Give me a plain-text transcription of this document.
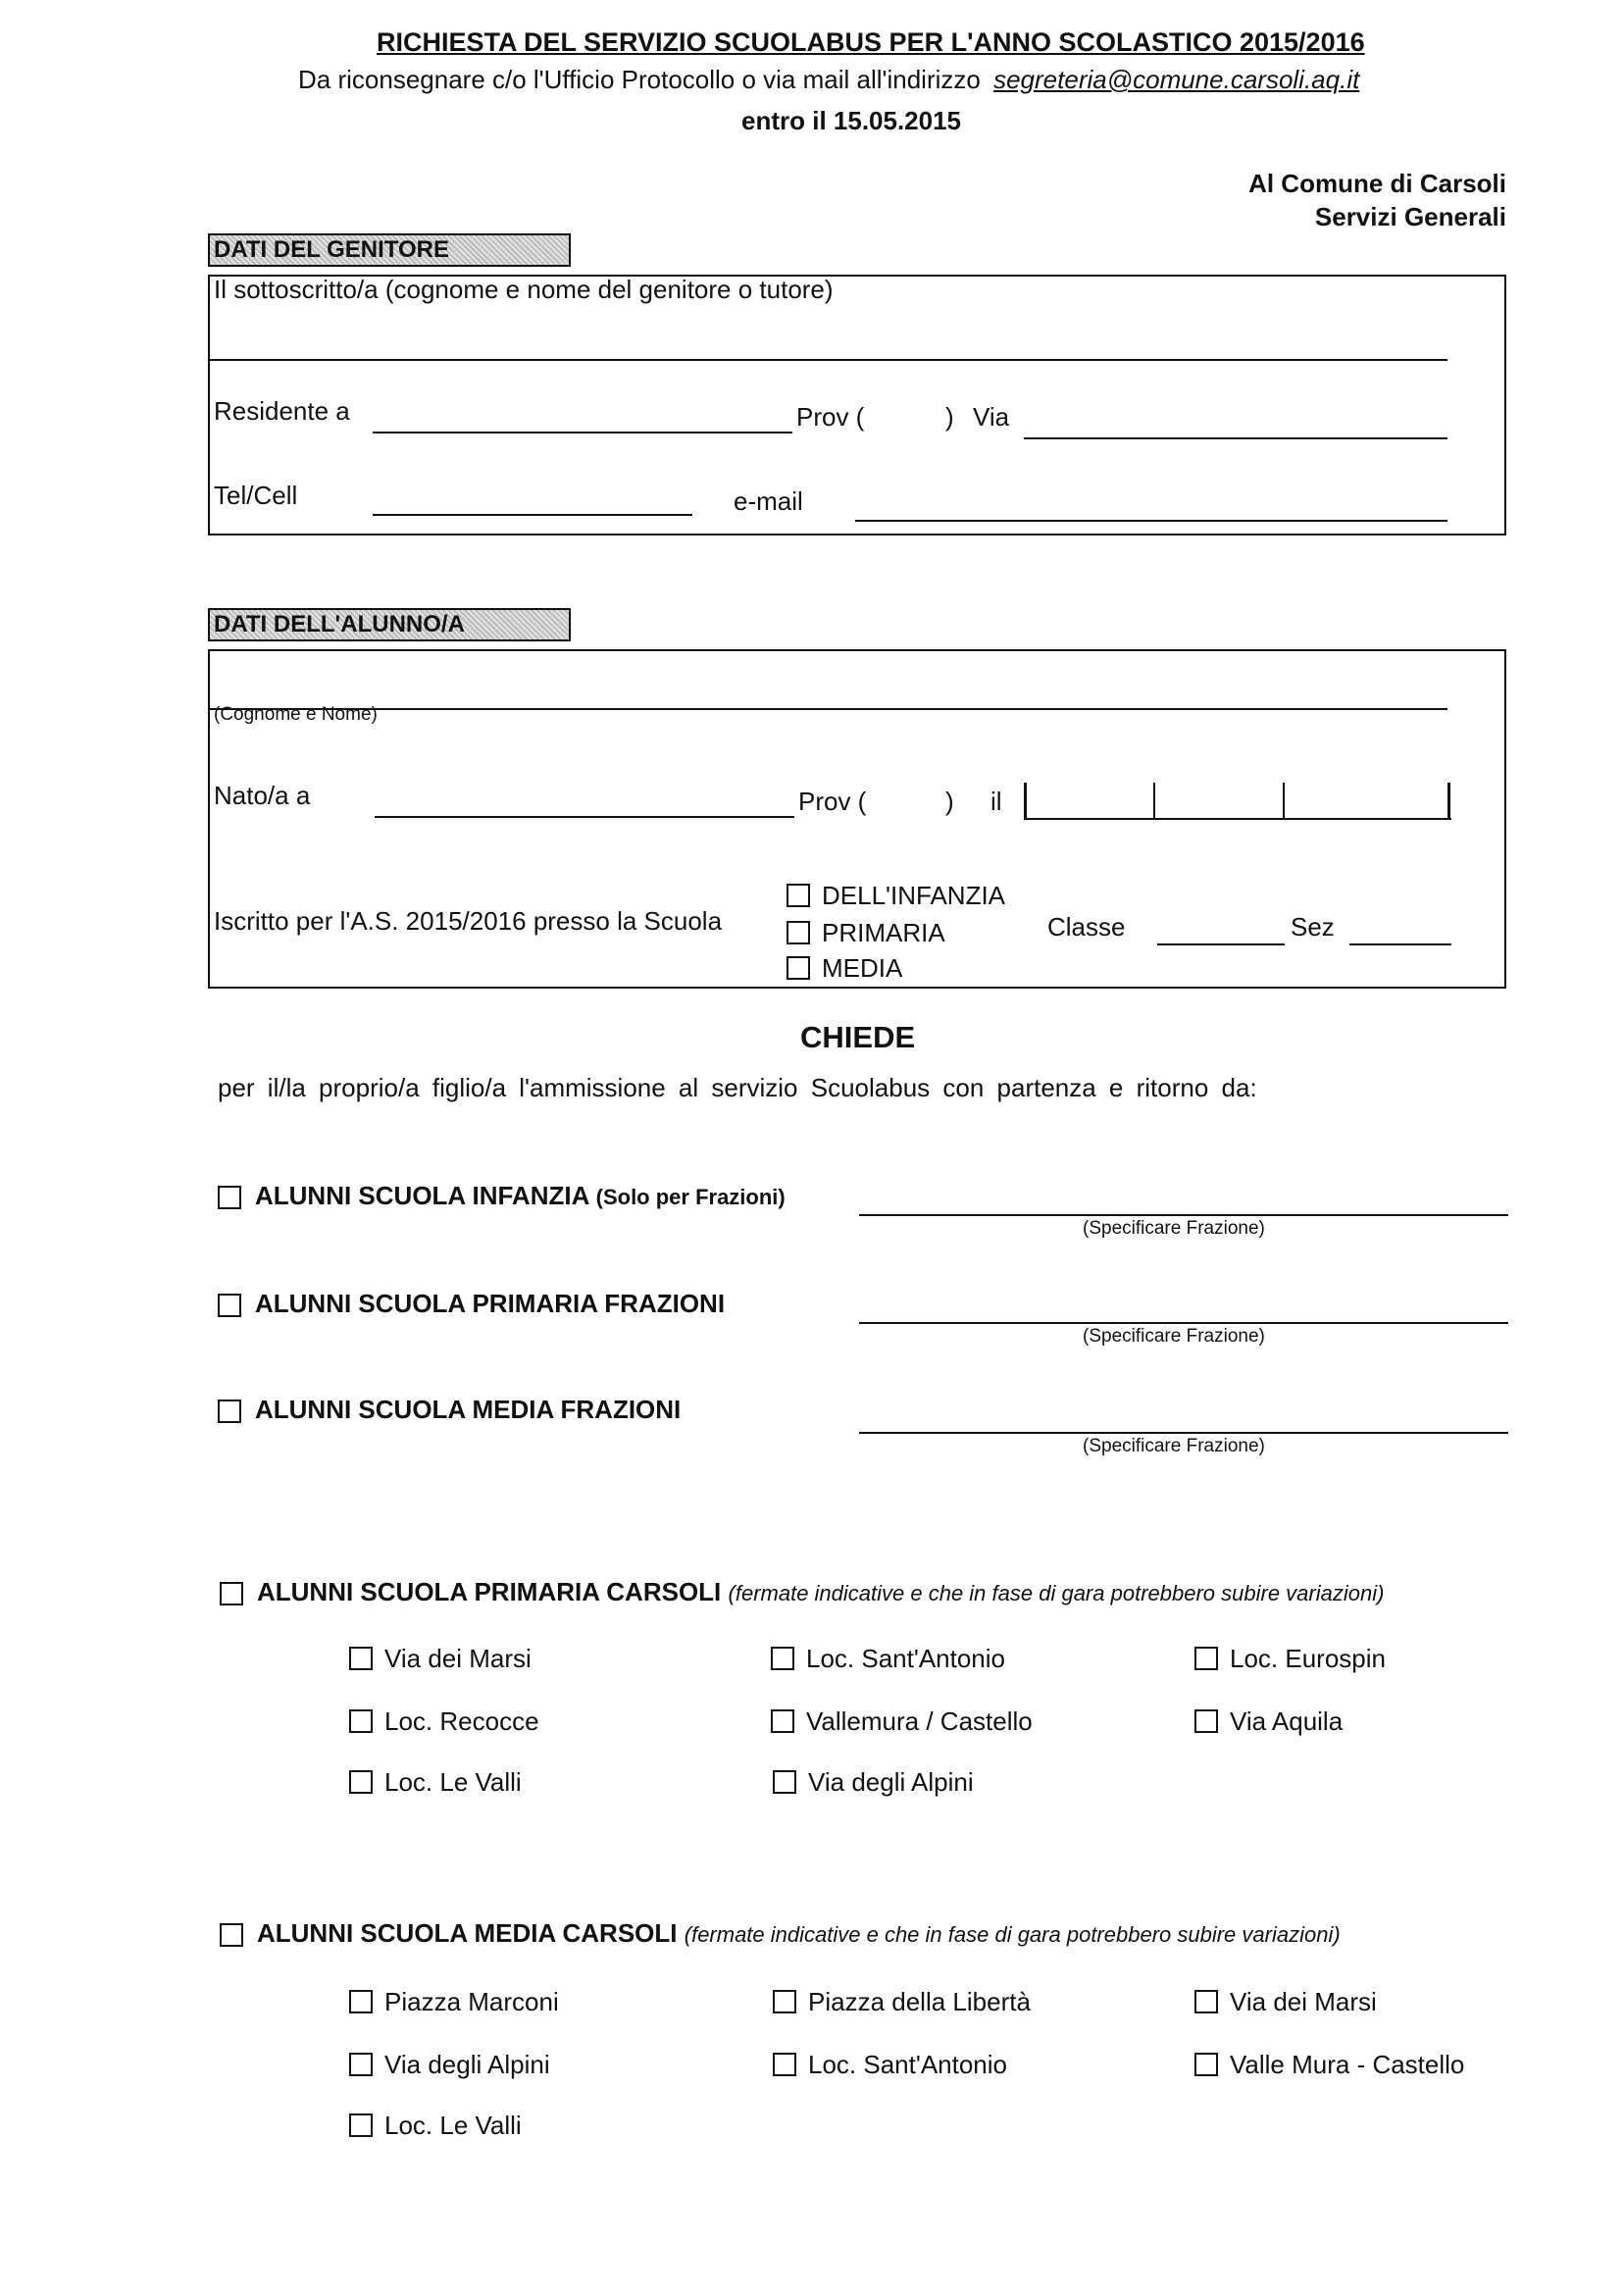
RICHIESTA DEL SERVIZIO SCUOLABUS PER L'ANNO SCOLASTICO 2015/2016
Da riconsegnare c/o l'Ufficio Protocollo o via mail all'indirizzo segreteria@comune.carsoli.aq.it
entro il 15.05.2015
Al Comune di Carsoli
Servizi Generali
DATI DEL GENITORE
Il sottoscritto/a (cognome e nome del genitore o tutore)
Residente a	Prov (	) Via
Tel/Cell	e-mail
DATI DELL'ALUNNO/A
(Cognome e Nome)
Nato/a a	Prov (	) il
Iscritto per l'A.S. 2015/2016 presso la Scuola
DELL'INFANZIA
PRIMARIA
MEDIA
Classe	Sez
CHIEDE
per il/la proprio/a figlio/a l'ammissione al servizio Scuolabus con partenza e ritorno da:
ALUNNI SCUOLA INFANZIA (Solo per Frazioni)
(Specificare Frazione)
ALUNNI SCUOLA PRIMARIA FRAZIONI
(Specificare Frazione)
ALUNNI SCUOLA MEDIA FRAZIONI
(Specificare Frazione)
ALUNNI SCUOLA PRIMARIA CARSOLI (fermate indicative e che in fase di gara potrebbero subire variazioni)
Via dei Marsi	Loc. Sant'Antonio	Loc. Eurospin
Loc. Recocce	Vallemura / Castello	Via Aquila
Loc. Le Valli	Via degli Alpini
ALUNNI SCUOLA MEDIA CARSOLI (fermate indicative e che in fase di gara potrebbero subire variazioni)
Piazza Marconi	Piazza della Libertà	Via dei Marsi
Via degli Alpini	Loc. Sant'Antonio	Valle Mura - Castello
Loc. Le Valli
